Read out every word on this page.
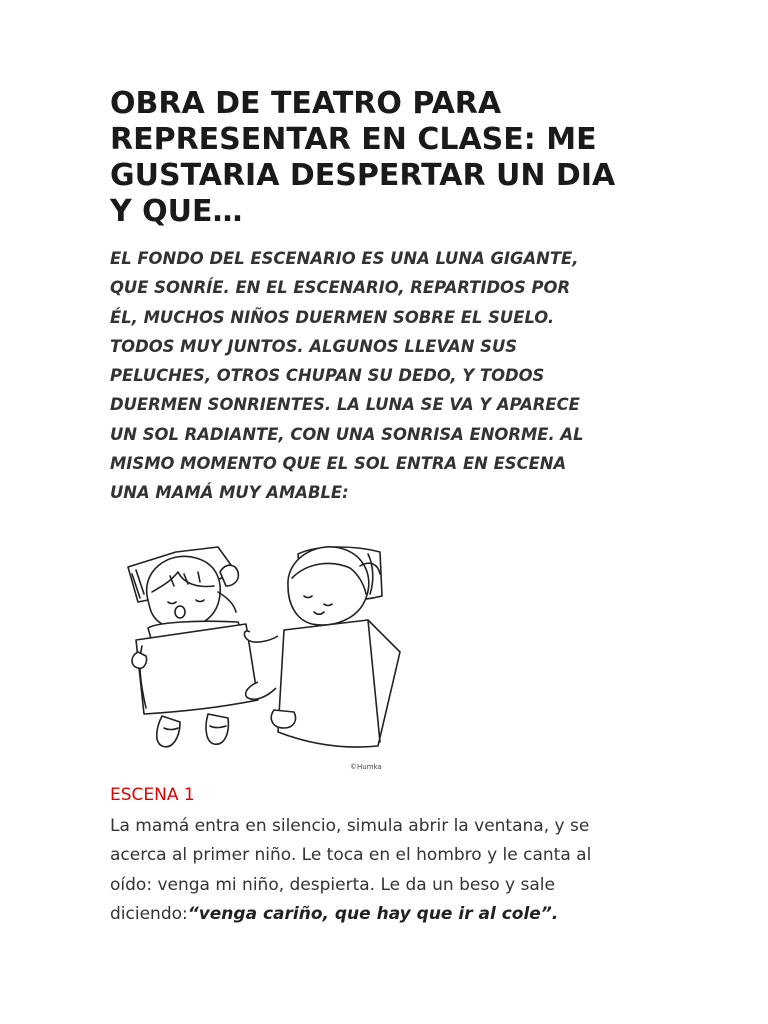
OBRA DE TEATRO PARA
REPRESENTAR EN CLASE: ME
GUSTARIA DESPERTAR UN DIA
Y QUE…

EL FONDO DEL ESCENARIO ES UNA LUNA GIGANTE,
QUE SONRÍE. EN EL ESCENARIO, REPARTIDOS POR
ÉL, MUCHOS NIÑOS DUERMEN SOBRE EL SUELO.
TODOS MUY JUNTOS. ALGUNOS LLEVAN SUS
PELUCHES, OTROS CHUPAN SU DEDO, Y TODOS
DUERMEN SONRIENTES. LA LUNA SE VA Y APARECE
UN SOL RADIANTE, CON UNA SONRISA ENORME. AL
MISMO MOMENTO QUE EL SOL ENTRA EN ESCENA
UNA MAMÁ MUY AMABLE:

©Humka
ESCENA 1

La mamá entra en silencio, simula abrir la ventana, y se
acerca al primer niño. Le toca en el hombro y le canta al
oído: venga mi niño, despierta. Le da un beso y sale
diciendo:“venga cariño, que hay que ir al cole”.
